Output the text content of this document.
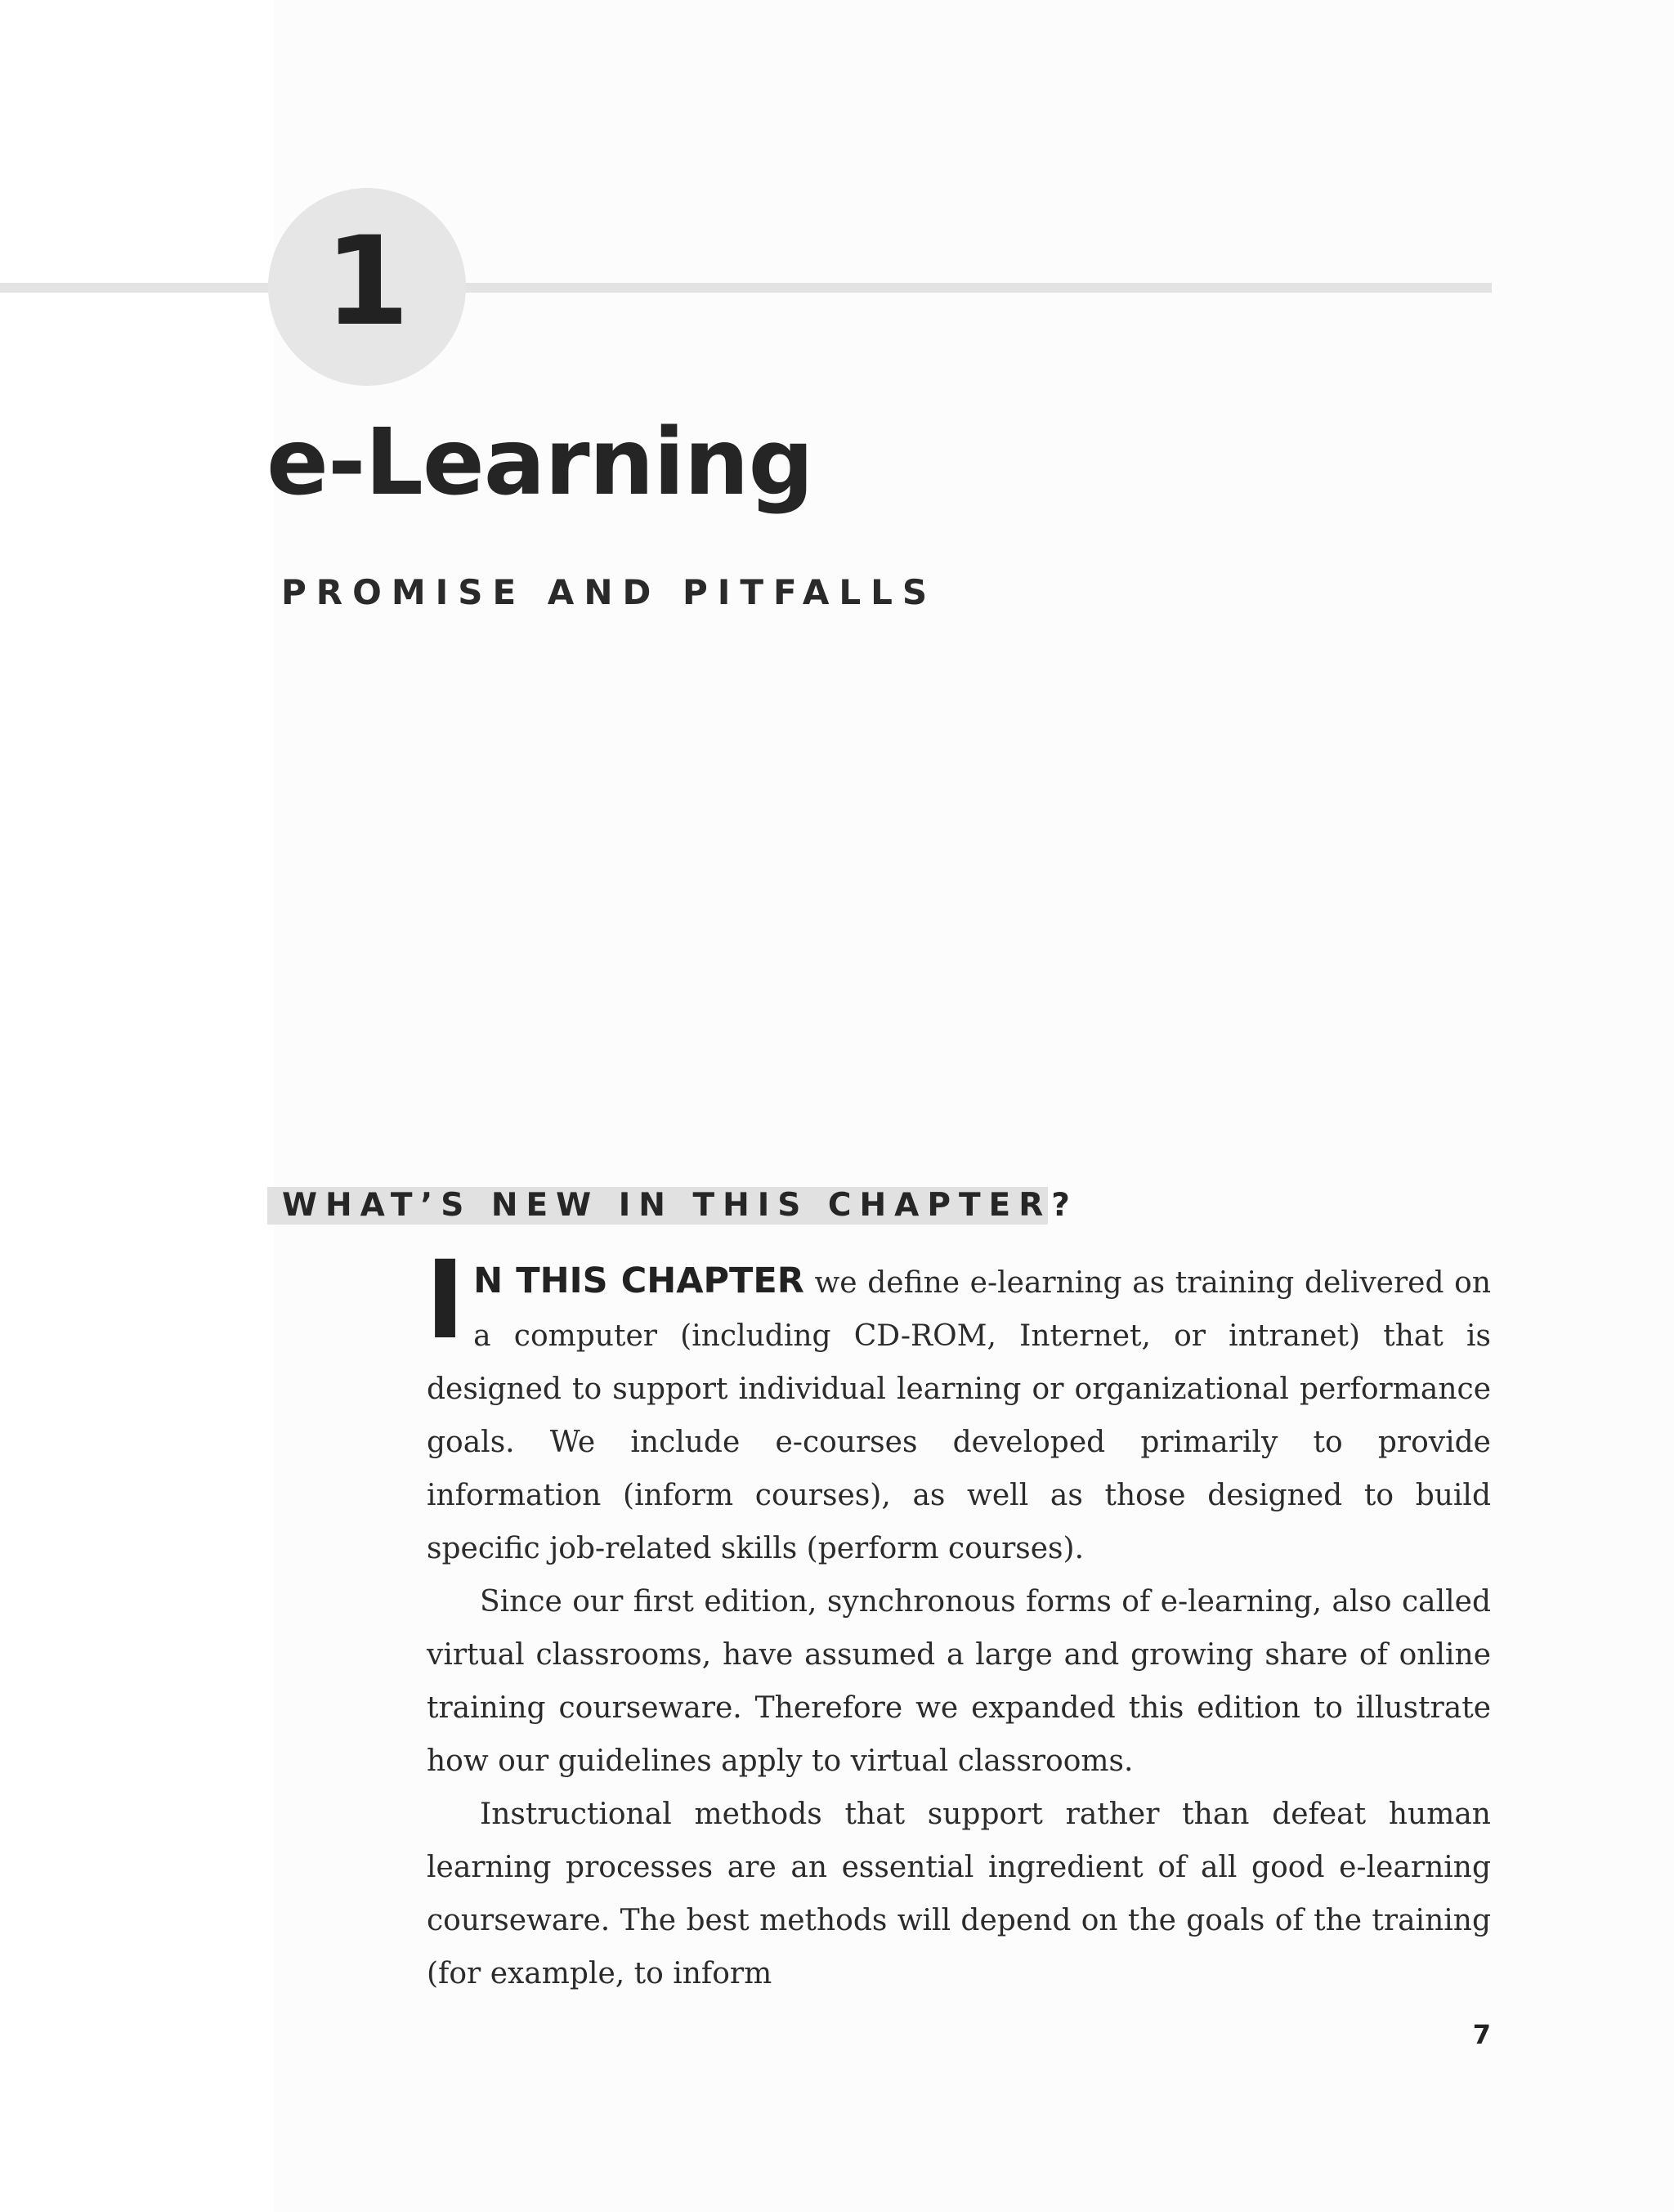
1
e-Learning
PROMISE AND PITFALLS
WHAT’S NEW IN THIS CHAPTER?

I N THIS CHAPTER we define e-learning as training delivered on a computer (including CD-ROM, Internet, or intranet) that is designed to support individual learning or organizational performance goals. We include e-courses developed primarily to provide information (inform courses), as well as those designed to build specific job-related skills (perform courses).

Since our first edition, synchronous forms of e-learning, also called virtual classrooms, have assumed a large and growing share of online training courseware. Therefore we expanded this edition to illustrate how our guidelines apply to virtual classrooms.

Instructional methods that support rather than defeat human learning processes are an essential ingredient of all good e-learning courseware. The best methods will depend on the goals of the training (for example, to inform

7
